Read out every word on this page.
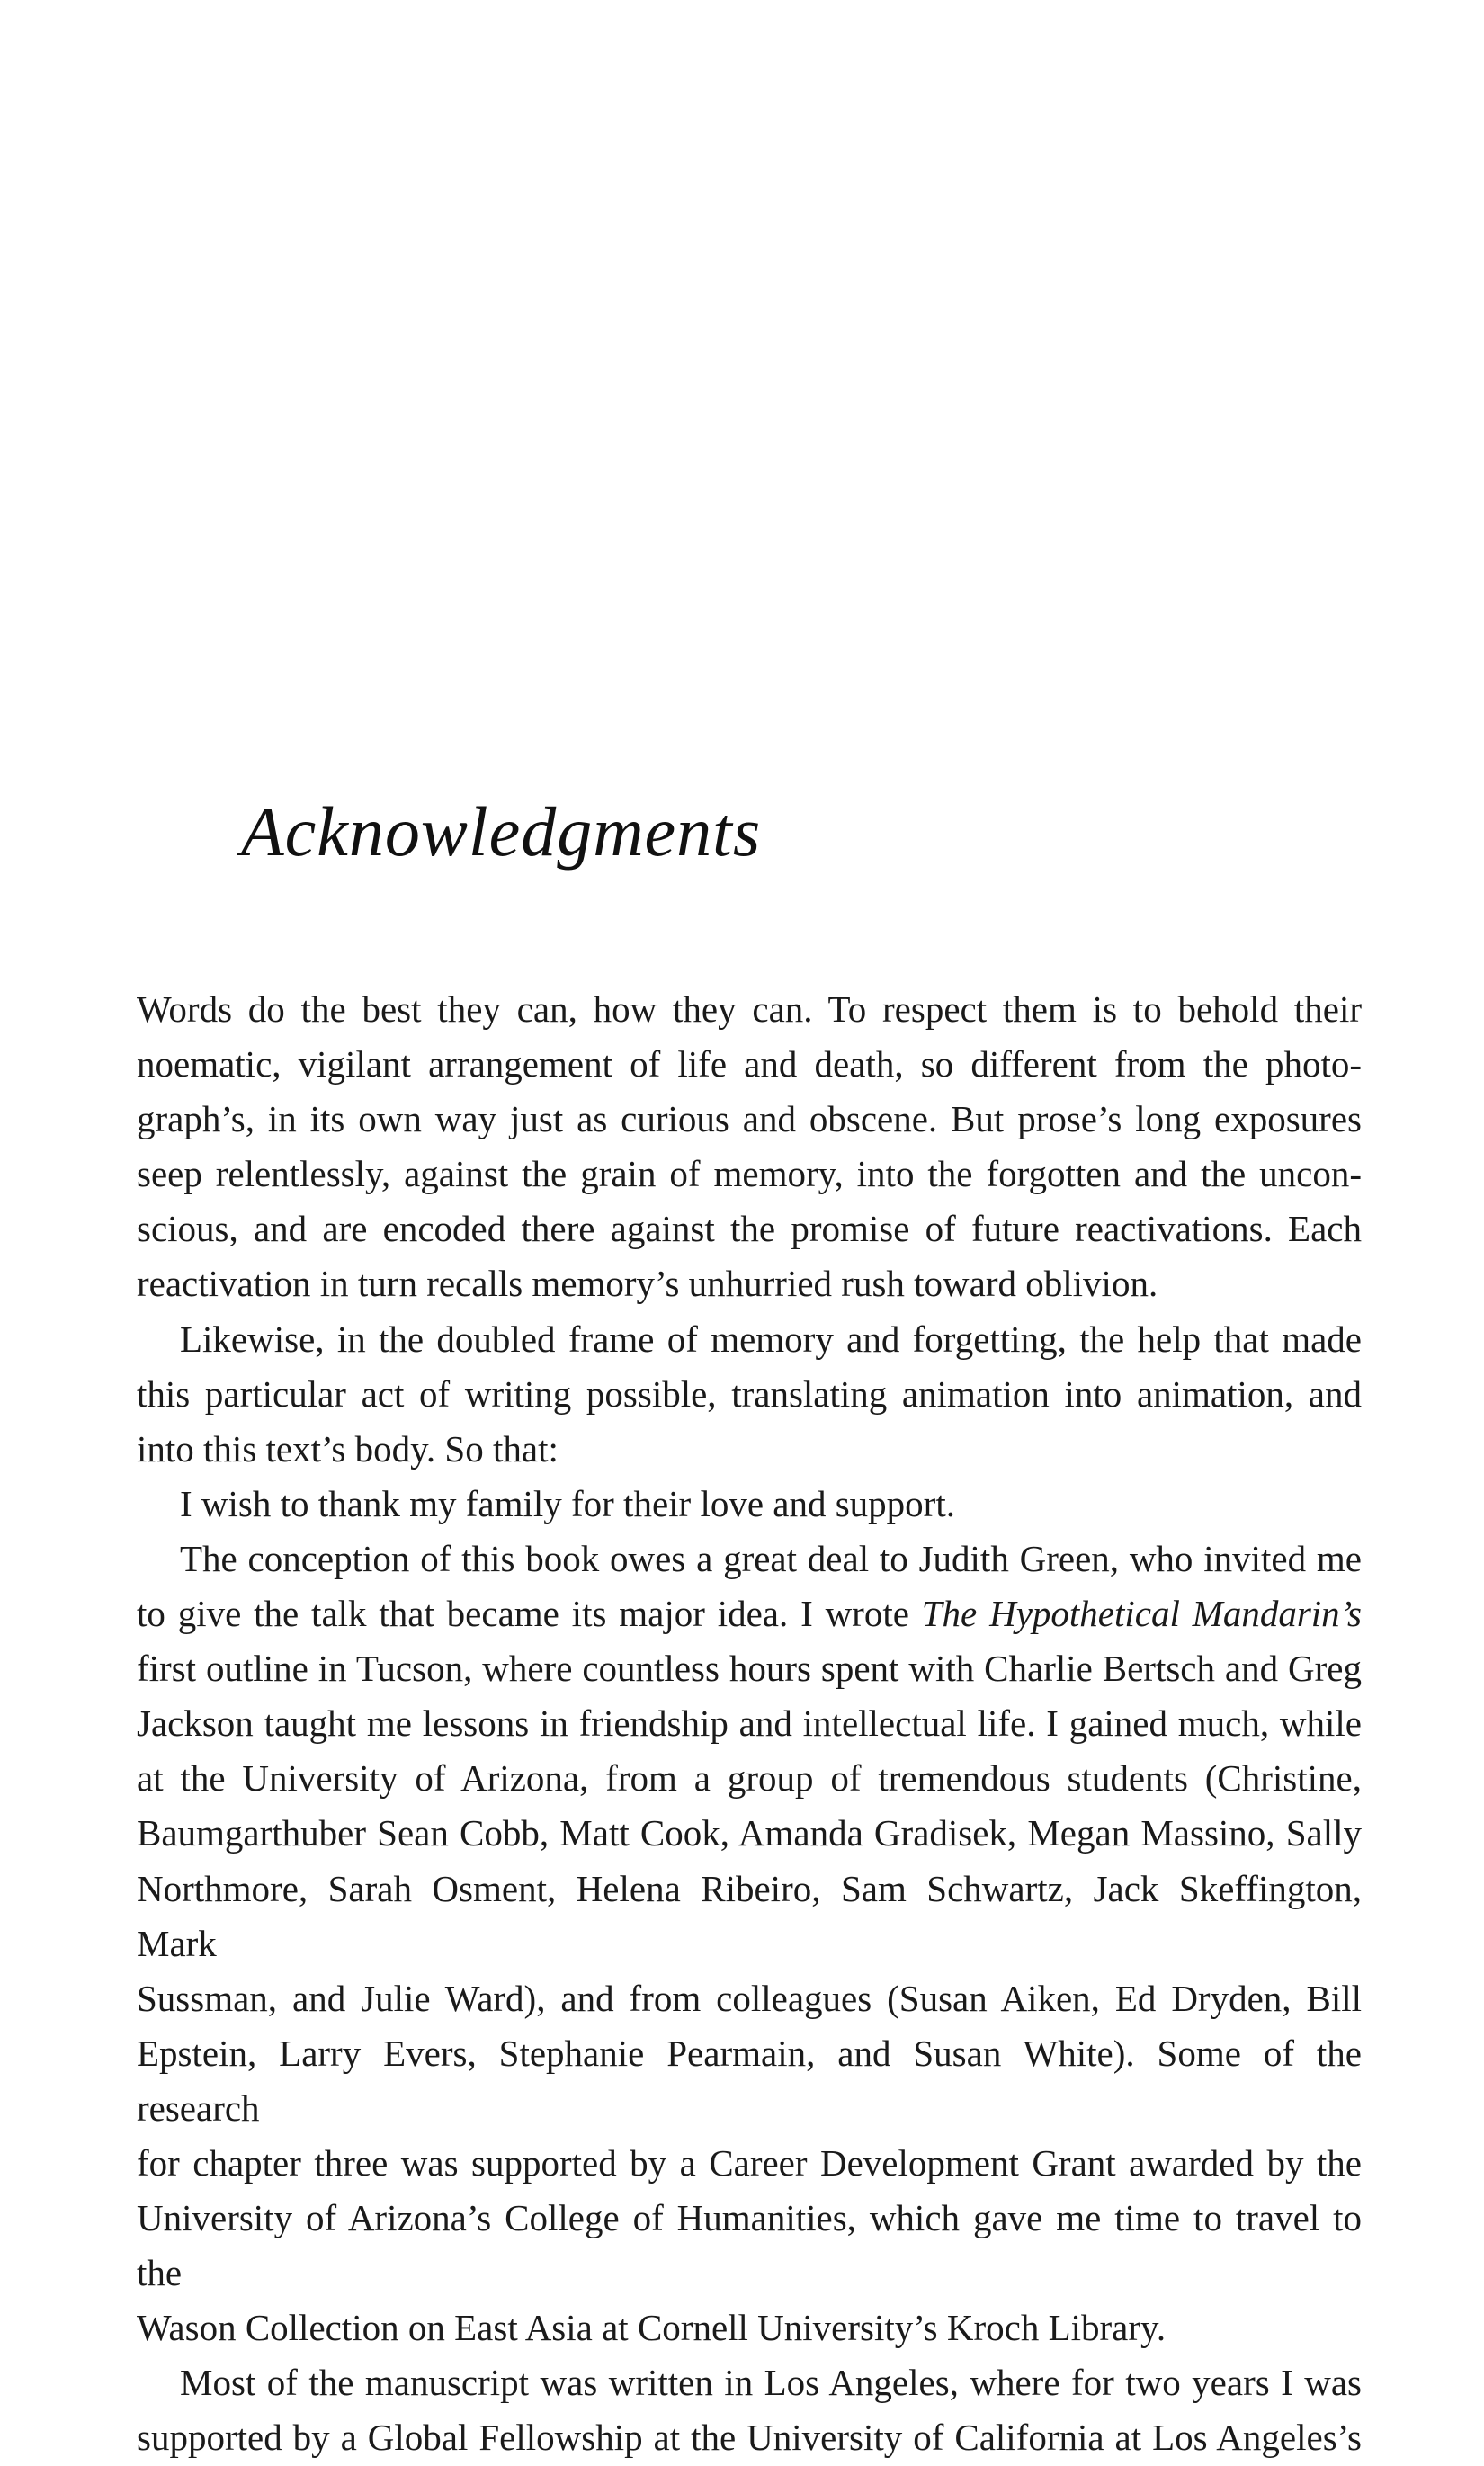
Acknowledgments
Words do the best they can, how they can. To respect them is to behold their
noematic, vigilant arrangement of life and death, so different from the photo-
graph’s, in its own way just as curious and obscene. But prose’s long exposures
seep relentlessly, against the grain of memory, into the forgotten and the uncon-
scious, and are encoded there against the promise of future reactivations. Each
reactivation in turn recalls memory’s unhurried rush toward oblivion.
Likewise, in the doubled frame of memory and forgetting, the help that made
this particular act of writing possible, translating animation into animation, and
into this text’s body. So that:
I wish to thank my family for their love and support.
The conception of this book owes a great deal to Judith Green, who invited me
to give the talk that became its major idea. I wrote The Hypothetical Mandarin’s
first outline in Tucson, where countless hours spent with Charlie Bertsch and Greg
Jackson taught me lessons in friendship and intellectual life. I gained much, while
at the University of Arizona, from a group of tremendous students (Christine,
Baumgarthuber Sean Cobb, Matt Cook, Amanda Gradisek, Megan Massino, Sally
Northmore, Sarah Osment, Helena Ribeiro, Sam Schwartz, Jack Skeffington, Mark
Sussman, and Julie Ward), and from colleagues (Susan Aiken, Ed Dryden, Bill
Epstein, Larry Evers, Stephanie Pearmain, and Susan White). Some of the research
for chapter three was supported by a Career Development Grant awarded by the
University of Arizona’s College of Humanities, which gave me time to travel to the
Wason Collection on East Asia at Cornell University’s Kroch Library.
Most of the manuscript was written in Los Angeles, where for two years I was
supported by a Global Fellowship at the University of California at Los Angeles’s
